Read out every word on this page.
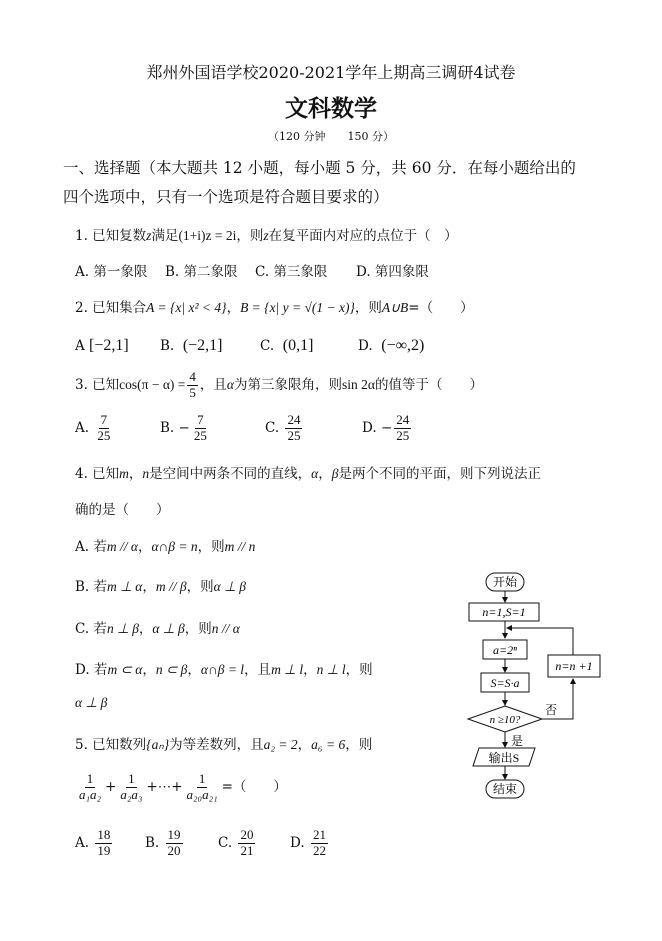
郑州外国语学校2020-2021学年上期高三调研4试卷
文科数学
（120 分钟　　150 分）
一、选择题（本大题共 12 小题，每小题 5 分，共 60 分．在每小题给出的
四个选项中，只有一个选项是符合题目要求的）
1. 已知复数z满足(1+i)z = 2i，则z在复平面内对应的点位于（　）
A. 第一象限 B. 第二象限 C. 第三象限 D. 第四象限
2. 已知集合A = {x| x² < 4}，B = {x| y = √(1 − x)}，则A∪B=（　　）
A [−2,1] B. (−2,1]	C. (0,1]	D. (−∞,2)
3. 已知$\cos(\pi - \alpha) = \frac{4}{5}$ ，且α为第三象限角，则sin 2α的值等于（　　）
A. $\frac{7}{25}$	B. − $\frac{7}{25}$	C. $\frac{24}{25}$	D. − $\frac{24}{25}$
4. 已知m，n是空间中两条不同的直线，α，β是两个不同的平面，则下列说法正
确的是（　　）
A. 若m // α，α∩β = n，则m // n
B. 若m ⊥ α，m // β，则α ⊥ β
C. 若n ⊥ β，α ⊥ β，则n // α
D. 若m ⊂ α，n ⊂ β，α∩β = l，且m ⊥ l，n ⊥ l，则
α ⊥ β
5. 已知数列{aₙ}为等差数列，且a₂ = 2，a₆ = 6，则
$\frac{1}{\text{a₁a₂}} + \frac{1}{\text{a₂a₃}}$ +⋯+ $\frac{1}{\text{a₂₀a₂₁}}$ =（　　）
A. $\frac{18}{19} B$. $\frac{19}{20}$	C. $\frac{20}{21}$	D. $\frac{21}{22}$
开始
n=1,S=1
a=2ⁿ
S=S·a
n ≥10?
否
n=n +1
是
输出S
结束
